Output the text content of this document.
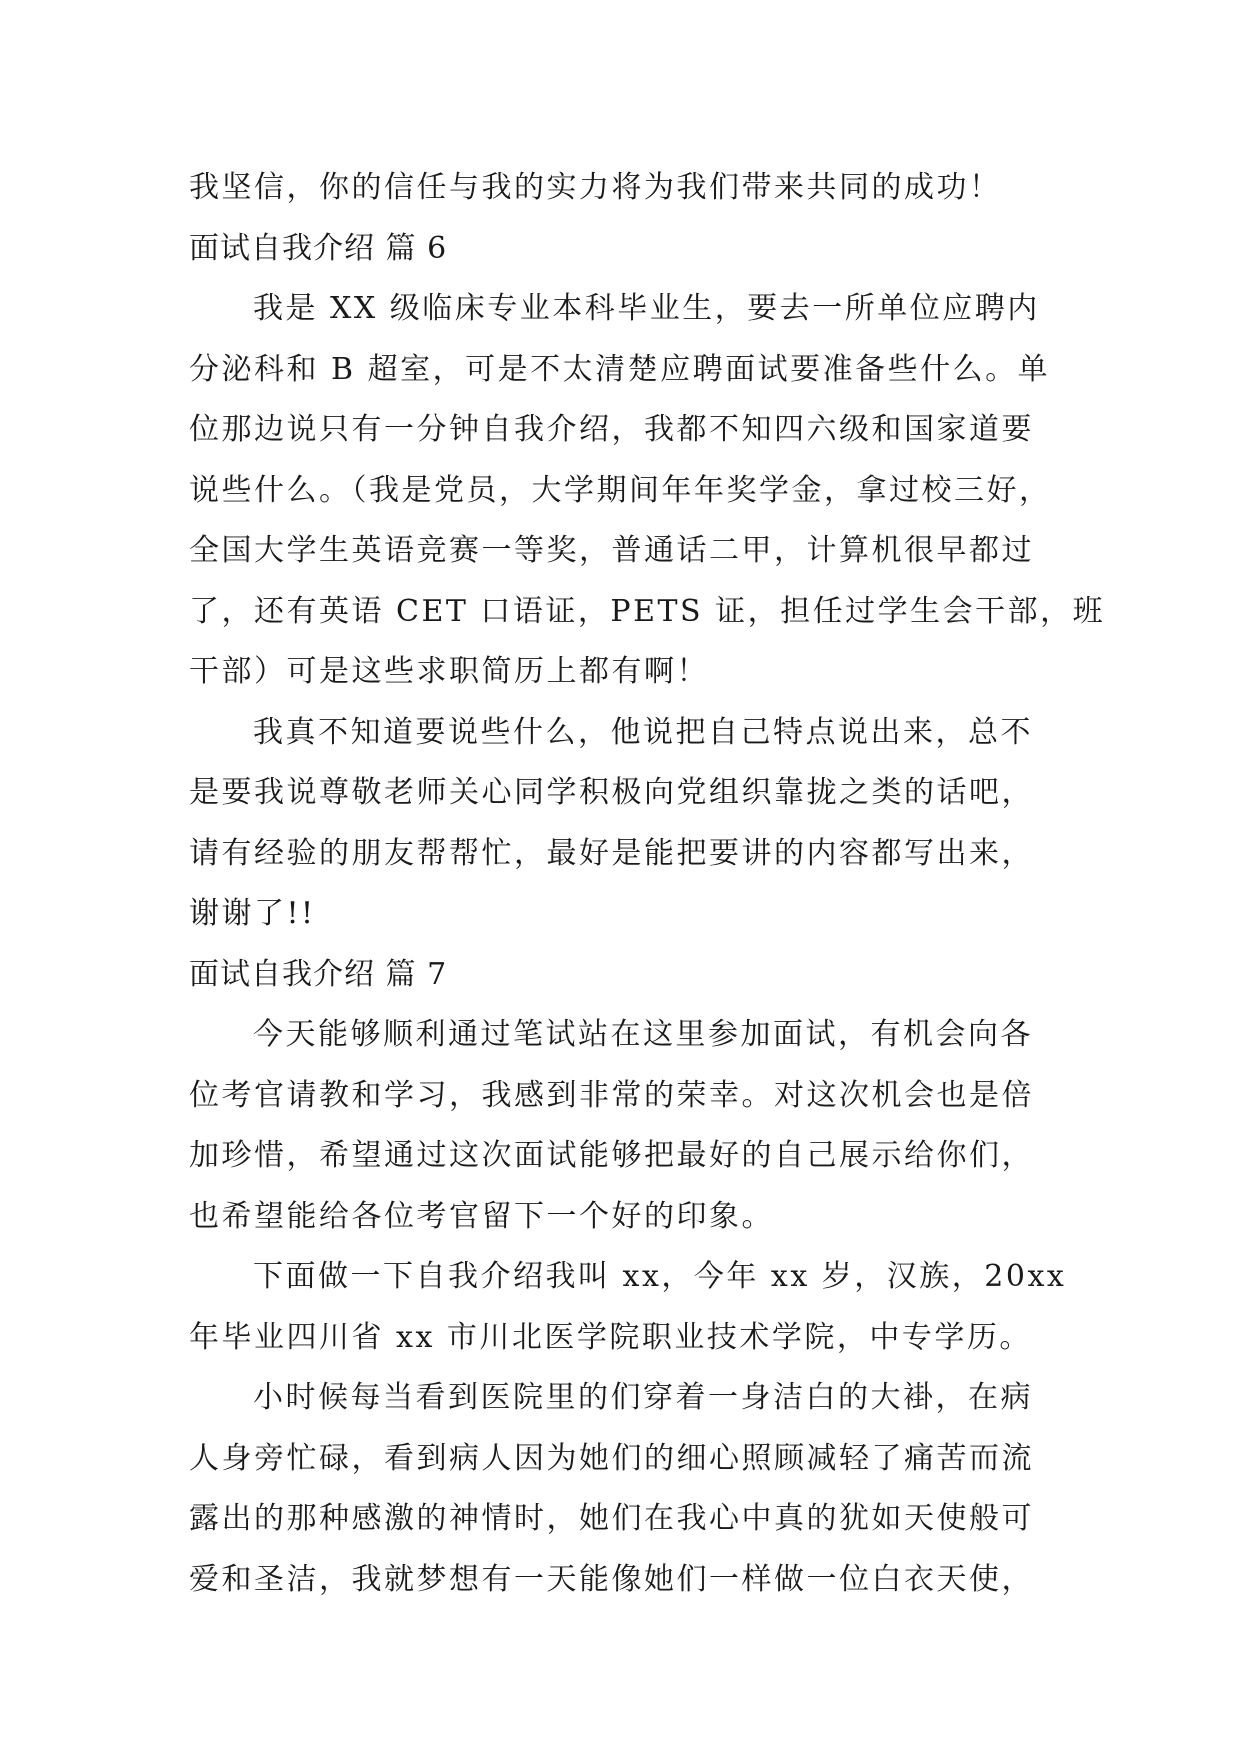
我坚信，你的信任与我的实力将为我们带来共同的成功！

面试自我介绍 篇 6

我是 XX 级临床专业本科毕业生，要去一所单位应聘内
分泌科和 B 超室，可是不太清楚应聘面试要准备些什么。单
位那边说只有一分钟自我介绍，我都不知四六级和国家道要
说些什么。（我是党员，大学期间年年奖学金，拿过校三好，
全国大学生英语竞赛一等奖，普通话二甲，计算机很早都过
了，还有英语 CET 口语证，PETS 证，担任过学生会干部，班
干部）可是这些求职简历上都有啊！

我真不知道要说些什么，他说把自己特点说出来，总不
是要我说尊敬老师关心同学积极向党组织靠拢之类的话吧，
请有经验的朋友帮帮忙，最好是能把要讲的内容都写出来，
谢谢了!!

面试自我介绍 篇 7

今天能够顺利通过笔试站在这里参加面试，有机会向各
位考官请教和学习，我感到非常的荣幸。对这次机会也是倍
加珍惜，希望通过这次面试能够把最好的自己展示给你们，
也希望能给各位考官留下一个好的印象。

下面做一下自我介绍我叫 xx，今年 xx 岁，汉族，20xx
年毕业四川省 xx 市川北医学院职业技术学院，中专学历。

小时候每当看到医院里的们穿着一身洁白的大褂，在病
人身旁忙碌，看到病人因为她们的细心照顾减轻了痛苦而流
露出的那种感激的神情时，她们在我心中真的犹如天使般可
爱和圣洁，我就梦想有一天能像她们一样做一位白衣天使，
